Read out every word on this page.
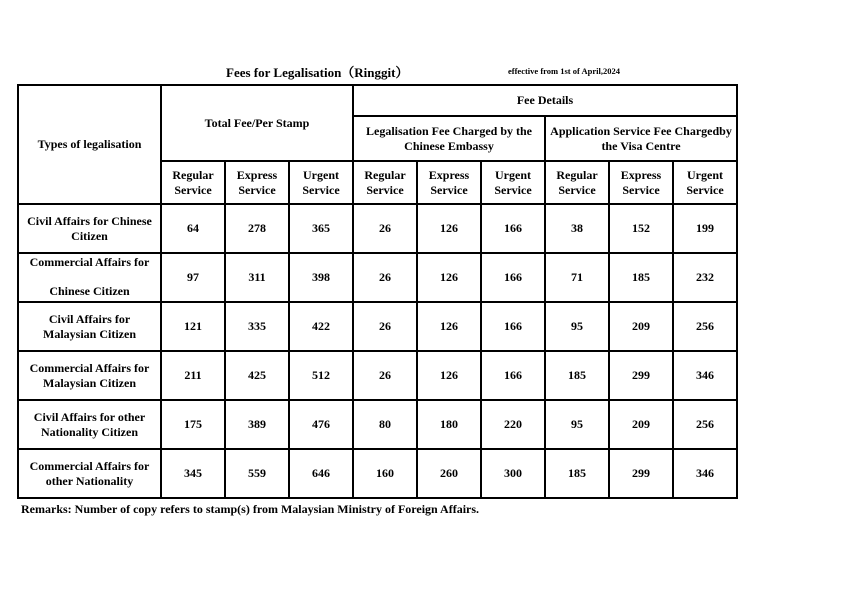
Fees for Legalisation（Ringgit）	effective from 1st of April,2024
Types of legalisation	Total Fee/Per Stamp			Fee Details					
				Legalisation Fee Charged by the Chinese Embassy			Application Service Fee Chargedby the Visa Centre		
	Regular Service	Express Service	Urgent Service	Regular Service	Express Service	Urgent Service	Regular Service	Express Service	Urgent Service
Civil Affairs for Chinese Citizen	64	278	365	26	126	166	38	152	199
Commercial Affairs for
Chinese Citizen	97	311	398	26	126	166	71	185	232
Civil Affairs for Malaysian Citizen	121	335	422	26	126	166	95	209	256
Commercial Affairs for Malaysian Citizen	211	425	512	26	126	166	185	299	346
Civil Affairs for other Nationality Citizen	175	389	476	80	180	220	95	209	256
Commercial Affairs for other Nationality	345	559	646	160	260	300	185	299	346
Remarks: Number of copy refers to stamp(s) from Malaysian Ministry of Foreign Affairs.
